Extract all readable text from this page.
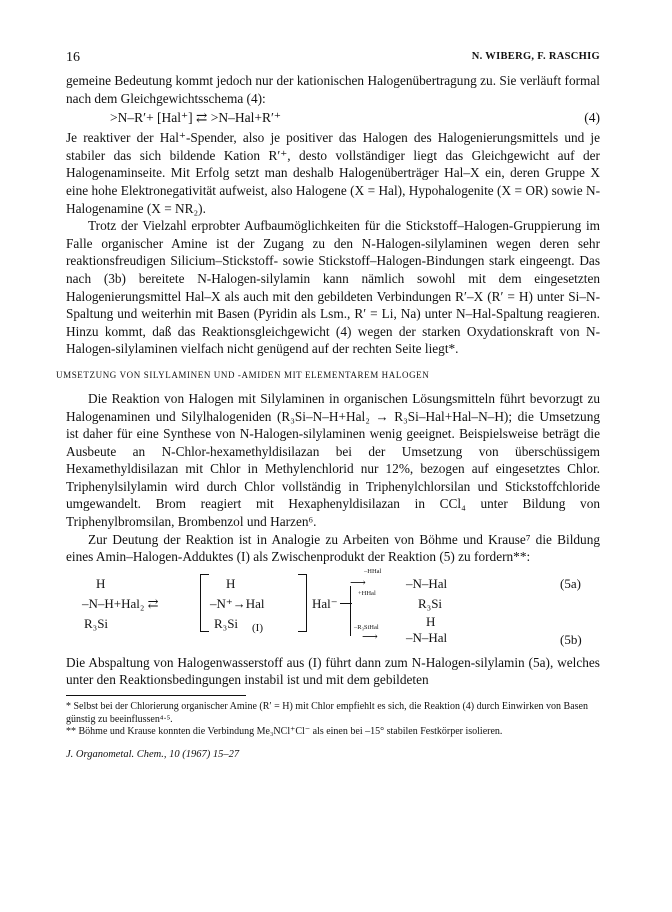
16	N. WIBERG, F. RASCHIG

gemeine Bedeutung kommt jedoch nur der kationischen Halogenübertragung zu. Sie verläuft formal nach dem Gleichgewichtsschema (4):

>N–R′+ [Hal⁺] ⇄ >N–Hal+R′⁺	(4)

Je reaktiver der Hal⁺-Spender, also je positiver das Halogen des Halogenierungsmittels und je stabiler das sich bildende Kation R′⁺, desto vollständiger liegt das Gleichgewicht auf der Halogenaminseite. Mit Erfolg setzt man deshalb Halogenüberträger Hal–X ein, deren Gruppe X eine hohe Elektronegativität aufweist, also Halogene (X = Hal), Hypohalogenite (X = OR) sowie N-Halogenamine (X = NR₂).

Trotz der Vielzahl erprobter Aufbaumöglichkeiten für die Stickstoff–Halogen-Gruppierung im Falle organischer Amine ist der Zugang zu den N-Halogen-silylaminen wegen deren sehr reaktionsfreudigen Silicium–Stickstoff- sowie Stickstoff–Halogen-Bindungen stark eingeengt. Das nach (3b) bereitete N-Halogen-silylamin kann nämlich sowohl mit dem eingesetzten Halogenierungsmittel Hal–X als auch mit den gebildeten Verbindungen R′–X (R′ = H) unter Si–N-Spaltung und weiterhin mit Basen (Pyridin als Lsm., R′ = Li, Na) unter N–Hal-Spaltung reagieren. Hinzu kommt, daß das Reaktionsgleichgewicht (4) wegen der starken Oxydationskraft von N-Halogen-silylaminen vielfach nicht genügend auf der rechten Seite liegt*.

UMSETZUNG VON SILYLAMINEN UND -AMIDEN MIT ELEMENTAREM HALOGEN

Die Reaktion von Halogen mit Silylaminen in organischen Lösungsmitteln führt bevorzugt zu Halogenaminen und Silylhalogeniden (R₃Si–N–H+Hal₂ → R₃Si–Hal+Hal–N–H); die Umsetzung ist daher für eine Synthese von N-Halogen-silylaminen wenig geeignet. Beispielsweise beträgt die Ausbeute an N-Chlor-hexamethyldisilazan bei der Umsetzung von überschüssigem Hexamethyldisilazan mit Chlor in Methylenchlorid nur 12%, bezogen auf eingesetztes Chlor. Triphenylsilylamin wird durch Chlor vollständig in Triphenylchlorsilan und Stickstoffchloride umgewandelt. Brom reagiert mit Hexaphenyldisilazan in CCl₄ unter Bildung von Triphenylbromsilan, Brombenzol und Harzen⁶.

Zur Deutung der Reaktion ist in Analogie zu Arbeiten von Böhme und Krause⁷ die Bildung eines Amin–Halogen-Adduktes (I) als Zwischenprodukt der Reaktion (5) zu fordern**:

H
–N–H+Hal₂ ⇄
R₃Si
H
–N⁺→Hal
R₃Si (I)
Hal⁻
–HHal
⟶
+HHal
–N–Hal
R₃Si
(5a)
H
–R₃SiHal
⟶ –N–Hal	(5b)

Die Abspaltung von Halogenwasserstoff aus (I) führt dann zum N-Halogen-silylamin (5a), welches unter den Reaktionsbedingungen instabil ist und mit dem gebildeten

* Selbst bei der Chlorierung organischer Amine (R′ = H) mit Chlor empfiehlt es sich, die Reaktion (4) durch Einwirken von Basen günstig zu beeinflussen⁴·⁵.
** Böhme und Krause konnten die Verbindung Me₃NCl⁺Cl⁻ als einen bei –15° stabilen Festkörper isolieren.
J. Organometal. Chem., 10 (1967) 15–27
